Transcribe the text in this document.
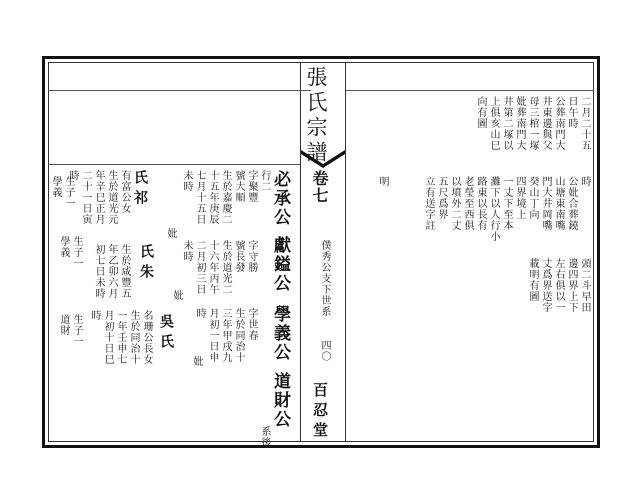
張氏宗譜
卷七
僕秀公支下世系
四〇
百忍堂
二月二十五
日午時
公葬南門大
井東邊與父
母三棺一塚
妣葬南門大
井第二塚以
上俱亥山巳
向有圖
時
公妣合葬鐃
山塘東南嘴
門大井岡嘴
癸山丁向
四界境上
一丈下至本
灘下以人行小
路東以長有
老瑩至西俱
以墳外二丈
五尺爲界
立有送字註
明
頭二斗早田
邊四界上下
左右俱以一
丈爲界送字
載明有圖
必承公
獻鎰公
學義公
道財公
系後
行二
字聚豐
號大順
生於嘉慶二
十五年庚辰
七月十五日
未時
妣
氏祁
有富公女
生於道光元
年辛巳正月
二十一日寅
時
生子一
學義
字守勝
號長發
生於道光二
十六年丙午
二月初三日
未時
妣
氏朱
生於咸豐五
年乙卯六月
初七日未時
生子一
學義
字世春
生於同治十
三年甲戌九
月初一日申
時
妣
吳氏
名珊公長女
生於同治十
一年壬申七
月初十日巳
時
生子一
道財
